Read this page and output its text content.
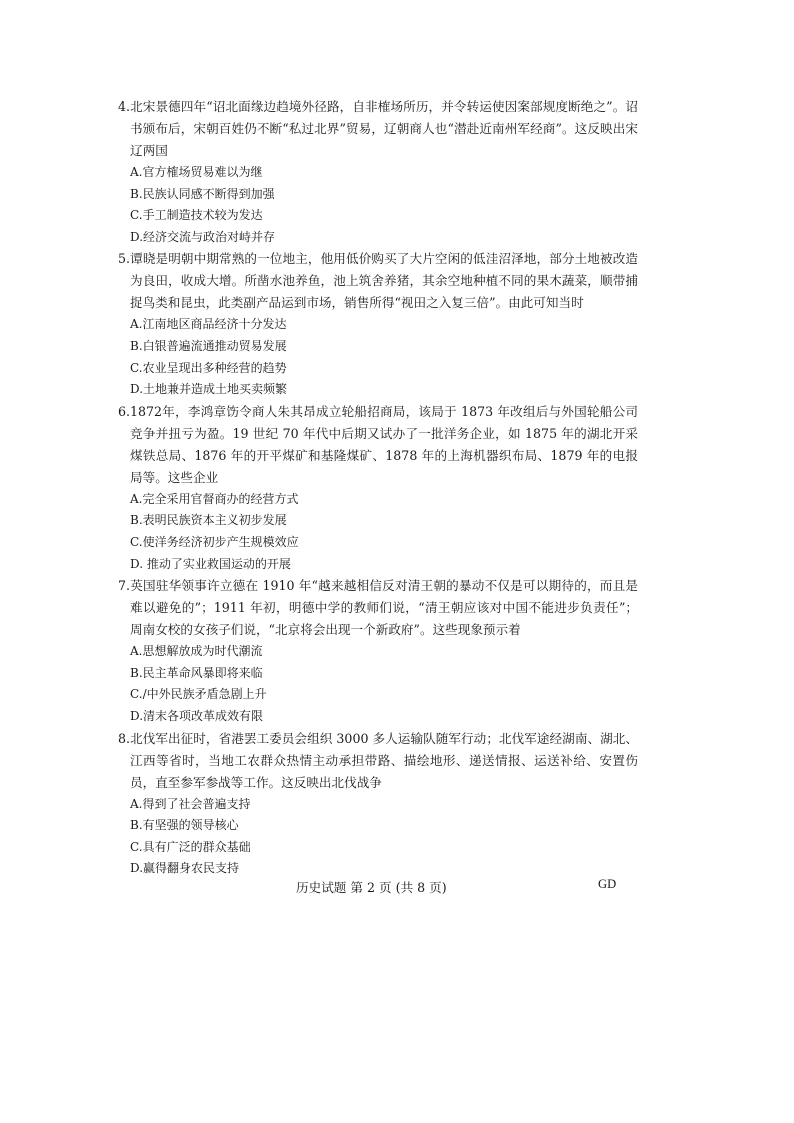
4.北宋景德四年“诏北面缘边趋境外径路，自非榷场所历，并令转运使因案部规度断绝之”。诏书颁布后，宋朝百姓仍不断“私过北界”贸易，辽朝商人也“潜赴近南州军经商”。这反映出宋辽两国

A.官方榷场贸易难以为继

B.民族认同感不断得到加强

C.手工制造技术较为发达

D.经济交流与政治对峙并存

5.谭晓是明朝中期常熟的一位地主，他用低价购买了大片空闲的低洼沼泽地，部分土地被改造为良田，收成大增。所凿水池养鱼，池上筑舍养猪，其余空地种植不同的果木蔬菜，顺带捕捉鸟类和昆虫，此类副产品运到市场，销售所得“视田之入复三倍”。由此可知当时

A.江南地区商品经济十分发达

B.白银普遍流通推动贸易发展

C.农业呈现出多种经营的趋势

D.土地兼并造成土地买卖频繁

6.1872年，李鸿章饬令商人朱其昂成立轮船招商局，该局于 1873 年改组后与外国轮船公司竞争并扭亏为盈。19 世纪 70 年代中后期又试办了一批洋务企业，如 1875 年的湖北开采煤铁总局、1876 年的开平煤矿和基隆煤矿、1878 年的上海机器织布局、1879 年的电报局等。这些企业

A.完全采用官督商办的经营方式

B.表明民族资本主义初步发展

C.使洋务经济初步产生规模效应

D. 推动了实业救国运动的开展

7.英国驻华领事许立德在 1910 年“越来越相信反对清王朝的暴动不仅是可以期待的，而且是难以避免的”；1911 年初，明德中学的教师们说，“清王朝应该对中国不能进步负责任”；周南女校的女孩子们说，“北京将会出现一个新政府”。这些现象预示着

A.思想解放成为时代潮流

B.民主革命风暴即将来临

C./中外民族矛盾急剧上升

D.清末各项改革成效有限

8.北伐军出征时，省港罢工委员会组织 3000 多人运输队随军行动；北伐军途经湖南、湖北、江西等省时，当地工农群众热情主动承担带路、描绘地形、递送情报、运送补给、安置伤员，直至参军参战等工作。这反映出北伐战争

A.得到了社会普遍支持

B.有坚强的领导核心

C.具有广泛的群众基础

D.赢得翻身农民支持

历史试题 第 2 页 (共 8 页)	GD
